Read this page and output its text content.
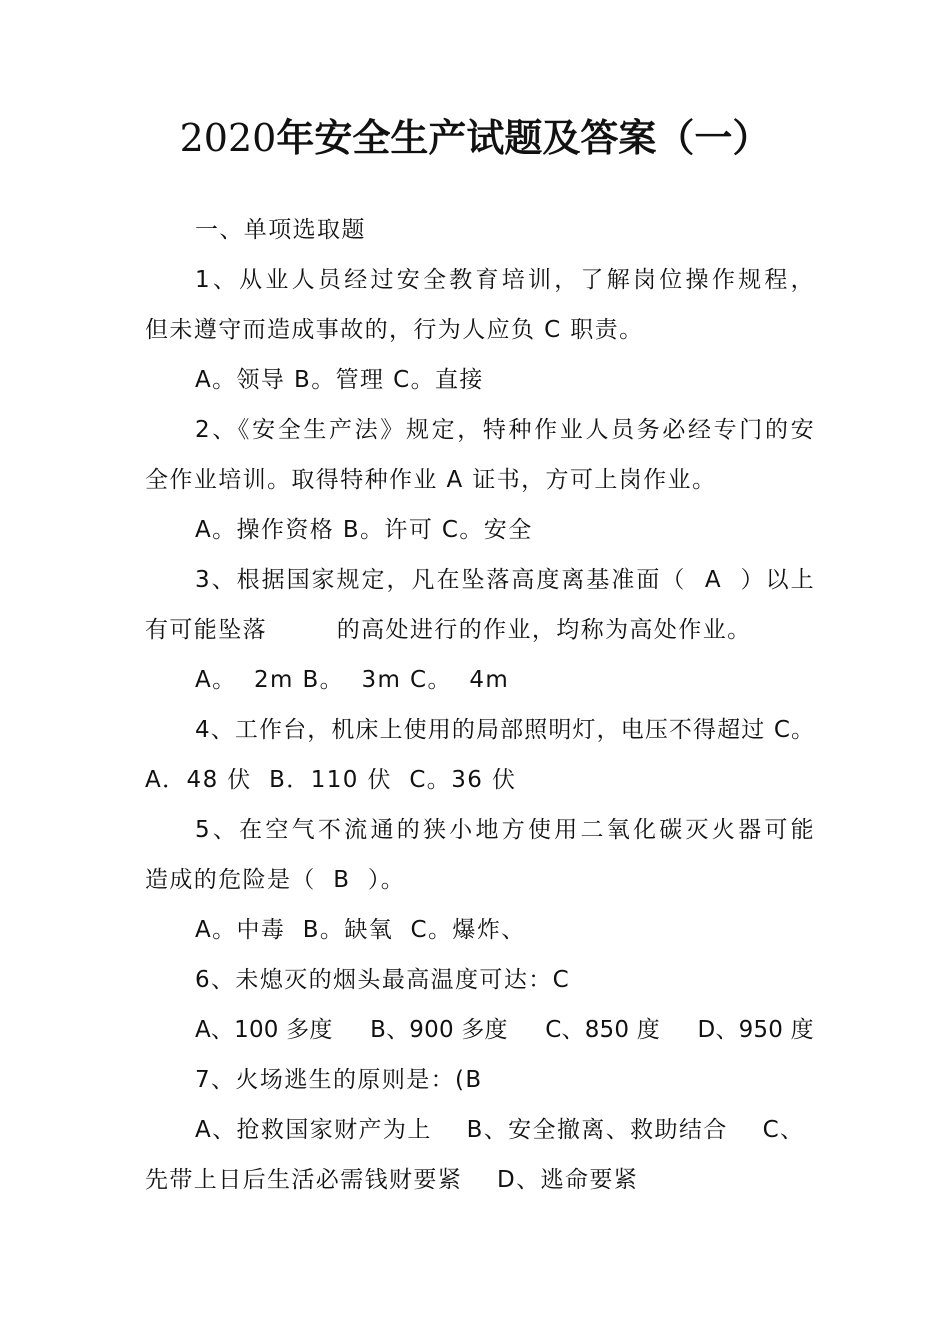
2020年安全生产试题及答案（一）
一、单项选取题
1、从业人员经过安全教育培训，了解岗位操作规程，
但未遵守而造成事故的，行为人应负 C 职责。
A。领导 B。管理 C。直接
2、《安全生产法》规定，特种作业人员务必经专门的安
全作业培训。取得特种作业 A 证书，方可上岗作业。
A。操作资格 B。许可 C。安全
3、根据国家规定，凡在坠落高度离基准面（  A  ）以上
有可能坠落        的高处进行的作业，均称为高处作业。
A。  2m B。  3m C。  4m
4、工作台，机床上使用的局部照明灯，电压不得超过 C。
A．48 伏  B．110 伏  C。36 伏
5、在空气不流通的狭小地方使用二氧化碳灭火器可能
造成的危险是（  B  ）。
A。中毒  B。缺氧  C。爆炸、
6、未熄灭的烟头最高温度可达：C
A、100 多度     B、900 多度     C、850 度     D、950 度
7、火场逃生的原则是：(B
A、抢救国家财产为上    B、安全撤离、救助结合    C、
先带上日后生活必需钱财要紧    D、逃命要紧
